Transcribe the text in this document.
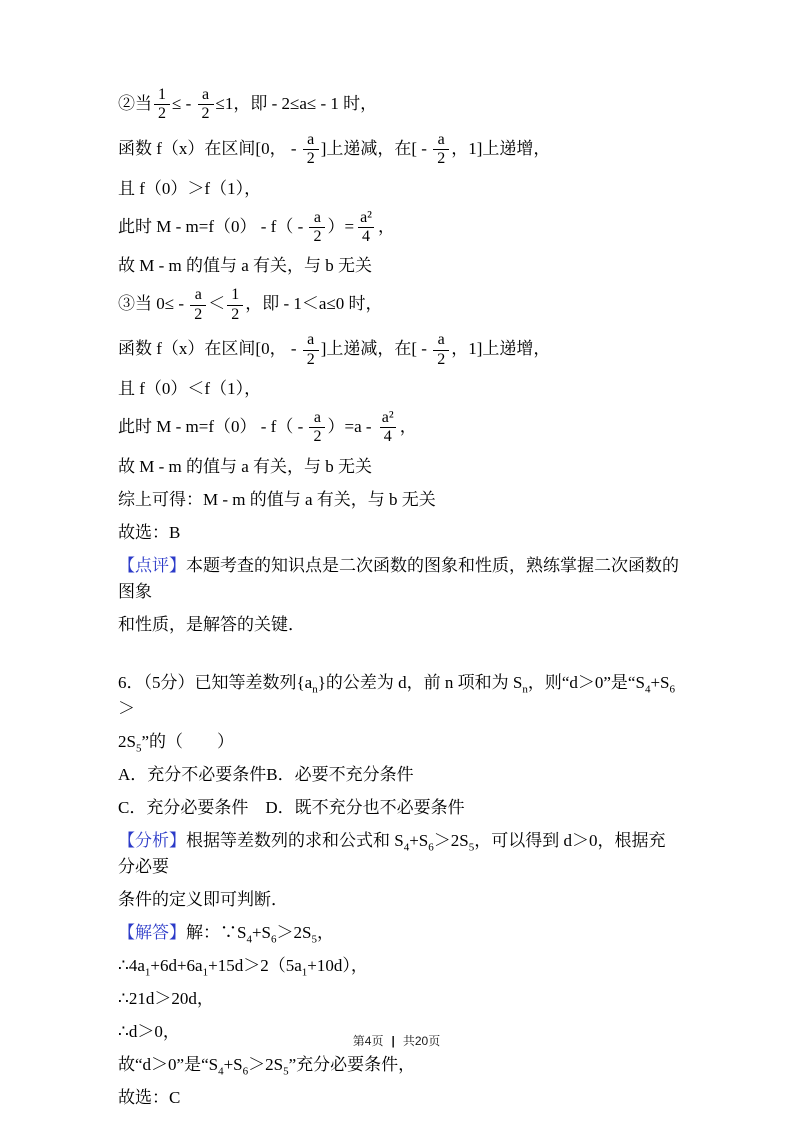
②当 $\frac{1}{2}$ ≤ - $\frac{a}{2} \le 1$，即 - 2≤a≤ - 1 时，

函数 f（x）在区间[0， - $\frac{a}{2}$ ]上递减，在[ - $\frac{a}{2}$ ，1]上递增，

且 f（0）＞f（1），

此时 $M - m=f(0) - f( - \frac{a}{2}$ ）= $\frac{\text{a²}}{4}$ ，

故 M - m 的值与 a 有关，与 b 无关

③当 $0\le - \frac{a}{2} < \frac{1}{2}$ ，即 - 1＜a≤0 时，

函数 f（x）在区间[0， - $\frac{a}{2}$ ]上递减，在[ - $\frac{a}{2}$ ，1]上递增，

且 f（0）＜f（1），

此时 $M - m=f(0) - f( - \frac{a}{2} )=a - \frac{\text{a²}}{4}$ ，

故 M - m 的值与 a 有关，与 b 无关

综上可得：M - m 的值与 a 有关，与 b 无关

故选：B

【点评】本题考查的知识点是二次函数的图象和性质，熟练掌握二次函数的图象

和性质，是解答的关键．

6．（5分）已知等差数列$\{a_n\}$的公差为 d，前 n 项和为 $S_n$，则“d＞0”是“$S_4+S_6>$

$2S_5$”的（　　）

A．充分不必要条件B．必要不充分条件

C．充分必要条件　D．既不充分也不必要条件

【分析】根据等差数列的求和公式和 $S_4+S_6>2S_5$，可以得到 d＞0，根据充分必要

条件的定义即可判断．

【解答】解：$\because S_4+S_6>2S_5$，

$\therefore 4a_1+6d+6a_1+15d>2(5a_1+10d)$，

∴21d＞20d，

∴d＞0，

故“d＞0”是“$S_4+S_6>2S_5$”充分必要条件，

故选：C

第4页 | 共20页
